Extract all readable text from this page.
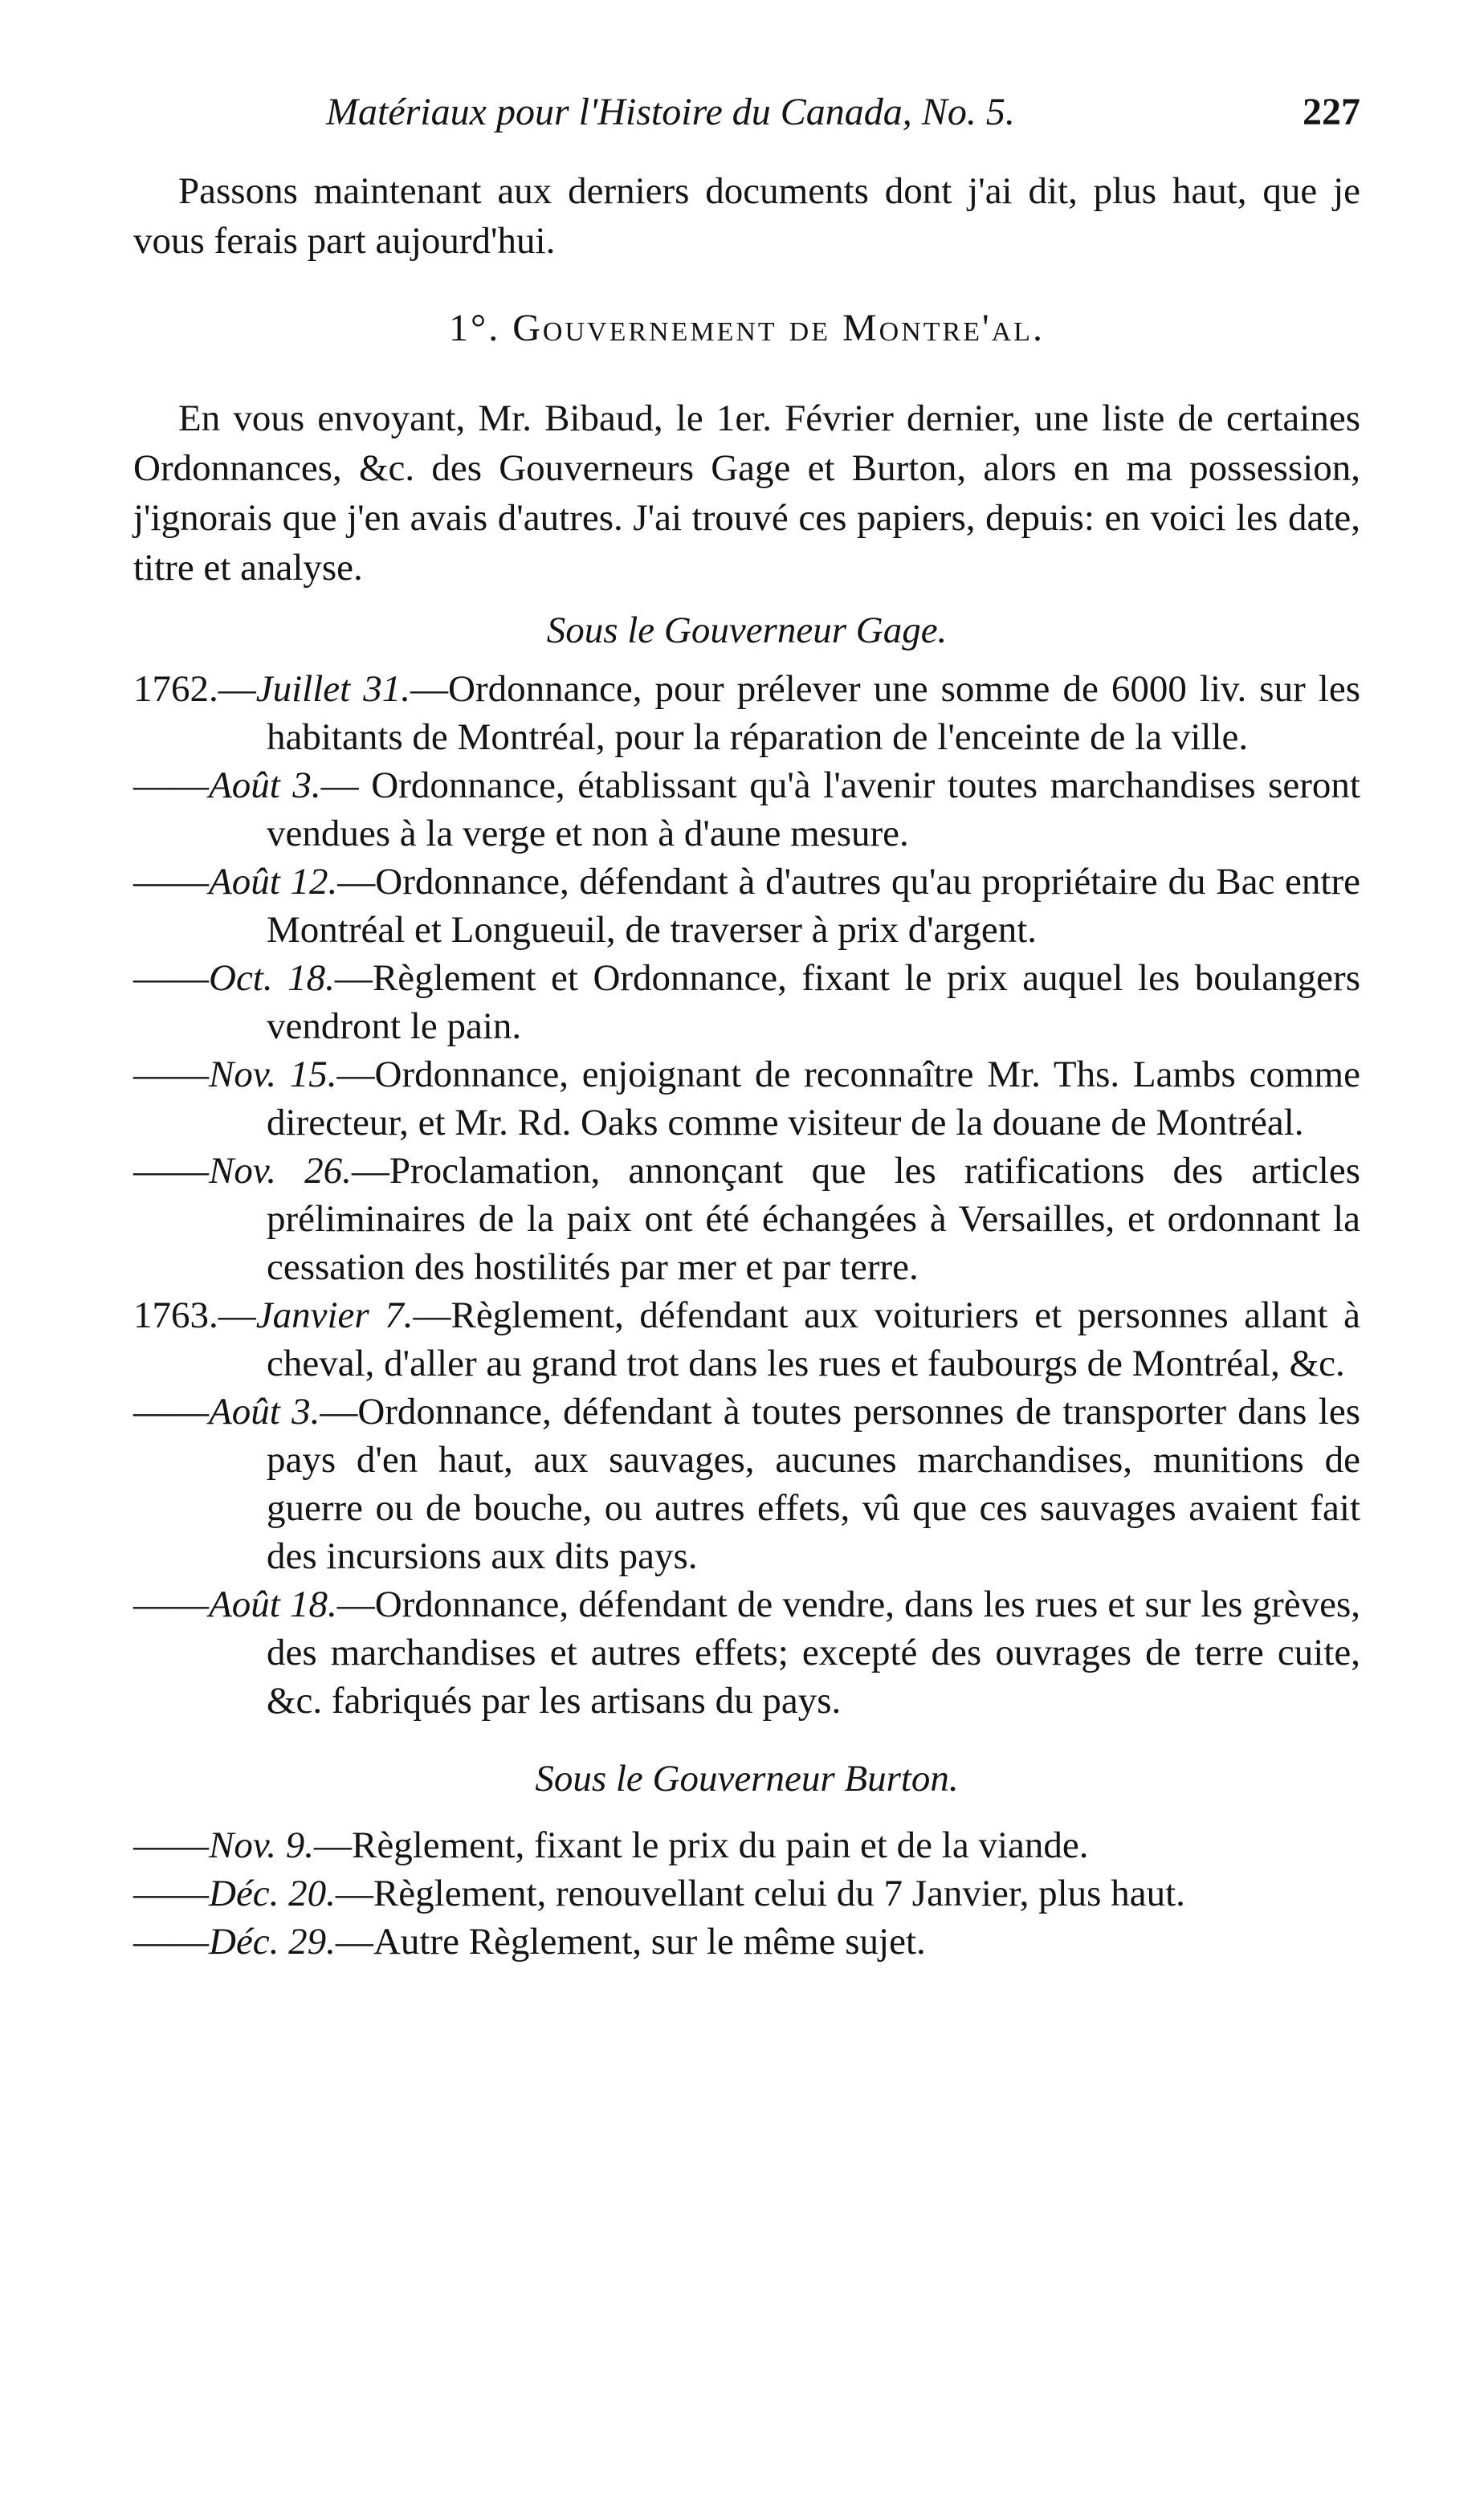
Matériaux pour l'Histoire du Canada, No. 5.	227

Passons maintenant aux derniers documents dont j'ai dit, plus haut, que je vous ferais part aujourd'hui.

1°. Gouvernement de Montre'al.

En vous envoyant, Mr. Bibaud, le 1er. Février dernier, une liste de certaines Ordonnances, &c. des Gouverneurs Gage et Burton, alors en ma possession, j'ignorais que j'en avais d'autres. J'ai trouvé ces papiers, depuis: en voici les date, titre et analyse.

Sous le Gouverneur Gage.

1762.—Juillet 31.—Ordonnance, pour prélever une somme de 6000 liv. sur les habitants de Montréal, pour la réparation de l'enceinte de la ville.

——Août 3.— Ordonnance, établissant qu'à l'avenir toutes marchandises seront vendues à la verge et non à d'aune mesure.

——Août 12.—Ordonnance, défendant à d'autres qu'au propriétaire du Bac entre Montréal et Longueuil, de traverser à prix d'argent.

——Oct. 18.—Règlement et Ordonnance, fixant le prix auquel les boulangers vendront le pain.

——Nov. 15.—Ordonnance, enjoignant de reconnaître Mr. Ths. Lambs comme directeur, et Mr. Rd. Oaks comme visiteur de la douane de Montréal.

——Nov. 26.—Proclamation, annonçant que les ratifications des articles préliminaires de la paix ont été échangées à Versailles, et ordonnant la cessation des hostilités par mer et par terre.

1763.—Janvier 7.—Règlement, défendant aux voituriers et personnes allant à cheval, d'aller au grand trot dans les rues et faubourgs de Montréal, &c.

——Août 3.—Ordonnance, défendant à toutes personnes de transporter dans les pays d'en haut, aux sauvages, aucunes marchandises, munitions de guerre ou de bouche, ou autres effets, vû que ces sauvages avaient fait des incursions aux dits pays.

——Août 18.—Ordonnance, défendant de vendre, dans les rues et sur les grèves, des marchandises et autres effets; excepté des ouvrages de terre cuite, &c. fabriqués par les artisans du pays.

Sous le Gouverneur Burton.

——Nov. 9.—Règlement, fixant le prix du pain et de la viande.

——Déc. 20.—Règlement, renouvellant celui du 7 Janvier, plus haut.

——Déc. 29.—Autre Règlement, sur le même sujet.
